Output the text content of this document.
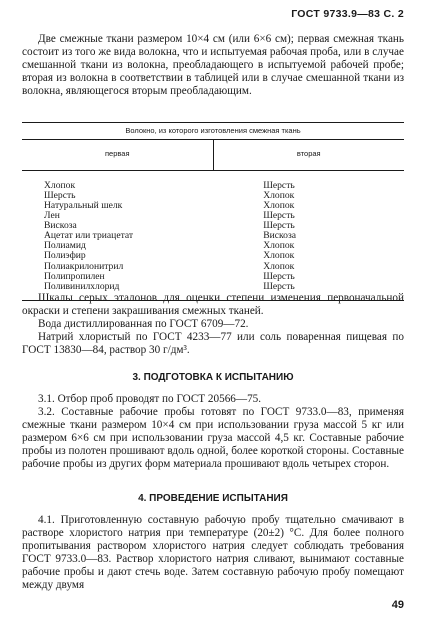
ГОСТ 9733.9—83 С. 2

Две смежные ткани размером 10×4 см (или 6×6 см); первая смежная ткань состоит из того же вида волокна, что и испытуемая рабочая проба, или в случае смешанной ткани из волокна, преобладающего в испытуемой рабочей пробе; вторая из волокна в соответствии в таблицей или в случае смешанной ткани из волокна, являющегося вторым преобладающим.

Волокно, из которого изготовления смежная ткань
первая	вторая
Хлопок
Шерсть
Натуральный шелк
Лен
Вискоза
Ацетат или триацетат
Полиамид
Полиэфир
Полиакрилонитрил
Полипропилен
Поливинилхлорид
Шерсть
Хлопок
Хлопок
Шерсть
Шерсть
Вискоза
Хлопок
Хлопок
Хлопок
Шерсть
Шерсть

Шкалы серых эталонов для оценки степени изменения первоначальной окраски и степени закрашивания смежных тканей.

Вода дистиллированная по ГОСТ 6709—72.

Натрий хлористый по ГОСТ 4233—77 или соль поваренная пищевая по ГОСТ 13830—84, раствор 30 г/дм³.

3. ПОДГОТОВКА К ИСПЫТАНИЮ

3.1. Отбор проб проводят по ГОСТ 20566—75.

3.2. Составные рабочие пробы готовят по ГОСТ 9733.0—83, применяя смежные ткани размером 10×4 см при использовании груза массой 5 кг или размером 6×6 см при использовании груза массой 4,5 кг. Составные рабочие пробы из полотен прошивают вдоль одной, более короткой стороны. Составные рабочие пробы из других форм материала прошивают вдоль четырех сторон.

4. ПРОВЕДЕНИЕ ИСПЫТАНИЯ

4.1. Приготовленную составную рабочую пробу тщательно смачивают в растворе хлористого натрия при температуре (20±2) °С. Для более полного пропитывания раствором хлористого натрия следует соблюдать требования ГОСТ 9733.0—83. Раствор хлористого натрия сливают, вынимают составные рабочие пробы и дают стечь воде. Затем составную рабочую пробу помещают между двумя

49
